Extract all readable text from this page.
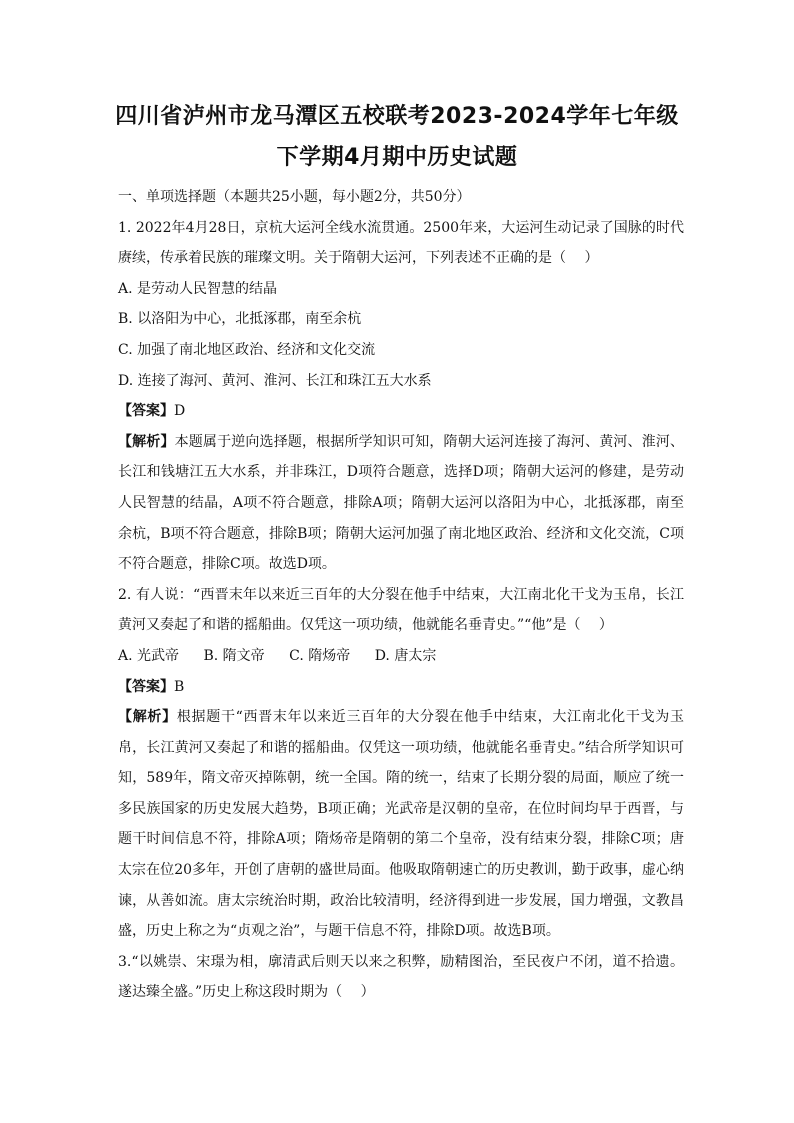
四川省泸州市龙马潭区五校联考2023-2024学年七年级
下学期4月期中历史试题

一、单项选择题（本题共25小题，每小题2分，共50分）

1. 2022年4月28日，京杭大运河全线水流贯通。2500年来，大运河生动记录了国脉的时代赓续，传承着民族的璀璨文明。关于隋朝大运河，下列表述不正确的是（　 ）

A. 是劳动人民智慧的结晶

B. 以洛阳为中心，北抵涿郡，南至余杭

C. 加强了南北地区政治、经济和文化交流

D. 连接了海河、黄河、淮河、长江和珠江五大水系

【答案】D

【解析】本题属于逆向选择题，根据所学知识可知，隋朝大运河连接了海河、黄河、淮河、长江和钱塘江五大水系，并非珠江，D项符合题意，选择D项；隋朝大运河的修建，是劳动人民智慧的结晶，A项不符合题意，排除A项；隋朝大运河以洛阳为中心，北抵涿郡，南至余杭，B项不符合题意，排除B项；隋朝大运河加强了南北地区政治、经济和文化交流，C项不符合题意，排除C项。故选D项。

2. 有人说：“西晋末年以来近三百年的大分裂在他手中结束，大江南北化干戈为玉帛，长江黄河又奏起了和谐的摇船曲。仅凭这一项功绩，他就能名垂青史。”“他”是（　 ）

A. 光武帝 B. 隋文帝 C. 隋炀帝 D. 唐太宗

【答案】B

【解析】根据题干“西晋末年以来近三百年的大分裂在他手中结束，大江南北化干戈为玉帛，长江黄河又奏起了和谐的摇船曲。仅凭这一项功绩，他就能名垂青史。”结合所学知识可知，589年，隋文帝灭掉陈朝，统一全国。隋的统一，结束了长期分裂的局面，顺应了统一多民族国家的历史发展大趋势，B项正确；光武帝是汉朝的皇帝，在位时间均早于西晋，与题干时间信息不符，排除A项；隋炀帝是隋朝的第二个皇帝，没有结束分裂，排除C项；唐太宗在位20多年，开创了唐朝的盛世局面。他吸取隋朝速亡的历史教训，勤于政事，虚心纳谏，从善如流。唐太宗统治时期，政治比较清明，经济得到进一步发展，国力增强，文教昌盛，历史上称之为“贞观之治”，与题干信息不符，排除D项。故选B项。

3.“以姚崇、宋璟为相，廓清武后则天以来之积弊，励精图治，至民夜户不闭，道不拾遗。遂达臻全盛。”历史上称这段时期为（　 ）
